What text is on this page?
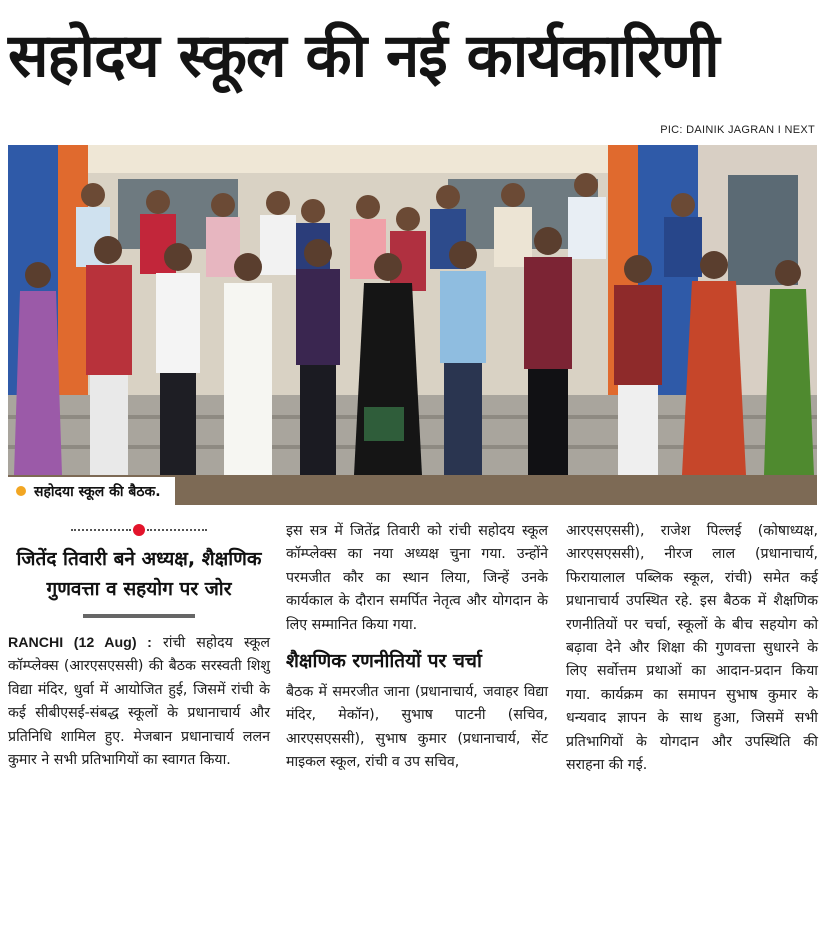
सहोदय स्कूल की नई कार्यकारिणी
PIC: DAINIK JAGRAN I NEXT
सहोदया स्कूल की बैठक.
जितेंद तिवारी बने अध्यक्ष, शैक्षणिक गुणवत्ता व सहयोग पर जोर

RANCHI (12 Aug) : रांची सहोदय स्कूल कॉम्प्लेक्स (आरएसएससी) की बैठक सरस्वती शिशु विद्या मंदिर, धुर्वा में आयोजित हुई, जिसमें रांची के कई सीबीएसई-संबद्ध स्कूलों के प्रधानाचार्य और प्रतिनिधि शामिल हुए. मेजबान प्रधानाचार्य ललन कुमार ने सभी प्रतिभागियों का स्वागत किया.

इस सत्र में जितेंद्र तिवारी को रांची सहोदय स्कूल कॉम्प्लेक्स का नया अध्यक्ष चुना गया. उन्होंने परमजीत कौर का स्थान लिया, जिन्हें उनके कार्यकाल के दौरान समर्पित नेतृत्व और योगदान के लिए सम्मानित किया गया.

शैक्षणिक रणनीतियों पर चर्चा

बैठक में समरजीत जाना (प्रधानाचार्य, जवाहर विद्या मंदिर, मेकॉन), सुभाष पाटनी (सचिव, आरएसएससी), सुभाष कुमार (प्रधानाचार्य, सेंट माइकल स्कूल, रांची व उप सचिव,

आरएसएससी), राजेश पिल्लई (कोषाध्यक्ष, आरएसएससी), नीरज लाल (प्रधानाचार्य, फिरायालाल पब्लिक स्कूल, रांची) समेत कई प्रधानाचार्य उपस्थित रहे. इस बैठक में शैक्षणिक रणनीतियों पर चर्चा, स्कूलों के बीच सहयोग को बढ़ावा देने और शिक्षा की गुणवत्ता सुधारने के लिए सर्वोत्तम प्रथाओं का आदान-प्रदान किया गया. कार्यक्रम का समापन सुभाष कुमार के धन्यवाद ज्ञापन के साथ हुआ, जिसमें सभी प्रतिभागियों के योगदान और उपस्थिति की सराहना की गई.
